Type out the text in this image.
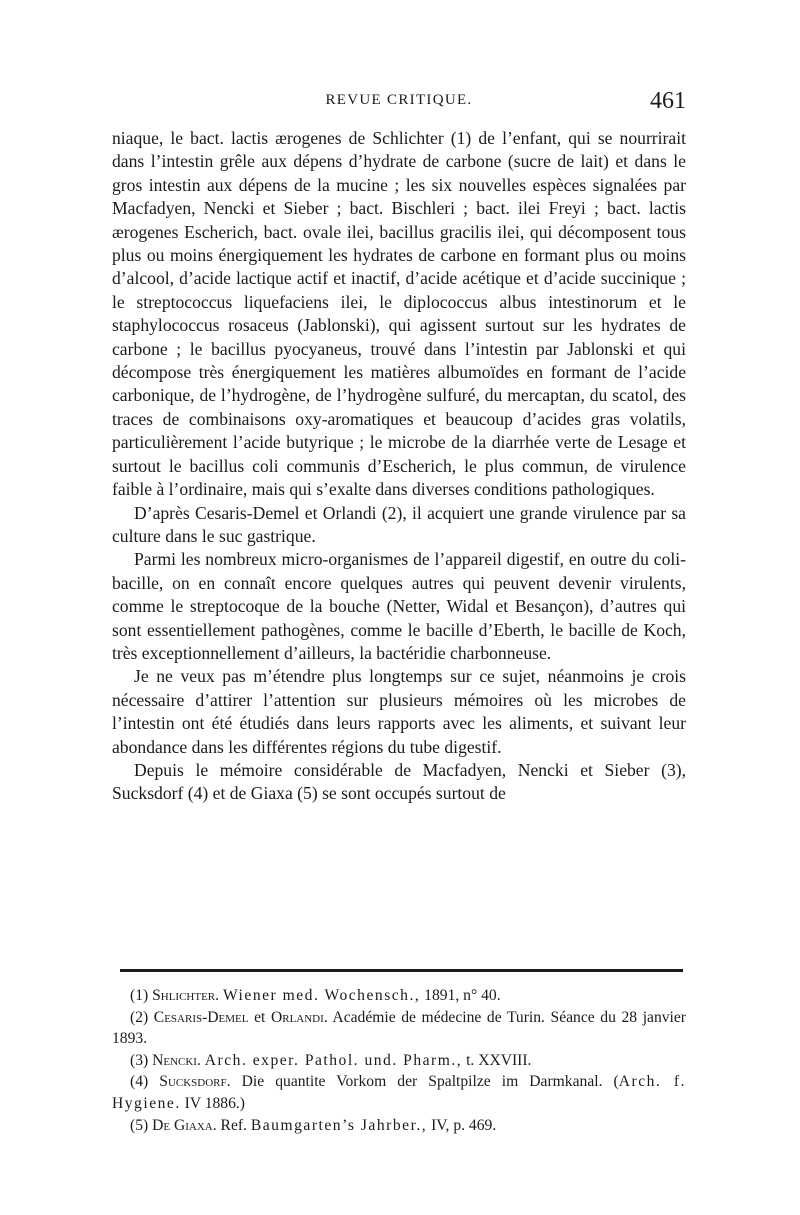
REVUE CRITIQUE.	461

niaque, le bact. lactis ærogenes de Schlichter (1) de l’enfant, qui se nourrirait dans l’intestin grêle aux dépens d’hydrate de carbone (sucre de lait) et dans le gros intestin aux dépens de la mucine ; les six nouvelles espèces signalées par Macfadyen, Nencki et Sieber ; bact. Bischleri ; bact. ilei Freyi ; bact. lactis ærogenes Escherich, bact. ovale ilei, bacillus gracilis ilei, qui décomposent tous plus ou moins énergiquement les hydrates de carbone en formant plus ou moins d’alcool, d’acide lactique actif et inactif, d’acide acétique et d’acide succinique ; le streptococcus liquefaciens ilei, le diplococcus albus intestinorum et le staphylococcus rosaceus (Jablonski), qui agissent surtout sur les hydrates de carbone ; le bacillus pyocyaneus, trouvé dans l’intestin par Jablonski et qui décompose très énergiquement les matières albumoïdes en formant de l’acide carbonique, de l’hydrogène, de l’hydrogène sulfuré, du mercaptan, du scatol, des traces de combinaisons oxy-aromatiques et beaucoup d’acides gras volatils, particulièrement l’acide butyrique ; le microbe de la diarrhée verte de Lesage et surtout le bacillus coli communis d’Escherich, le plus commun, de virulence faible à l’ordinaire, mais qui s’exalte dans diverses conditions pathologiques.

D’après Cesaris-Demel et Orlandi (2), il acquiert une grande virulence par sa culture dans le suc gastrique.

Parmi les nombreux micro-organismes de l’appareil digestif, en outre du coli-bacille, on en connaît encore quelques autres qui peuvent devenir virulents, comme le streptocoque de la bouche (Netter, Widal et Besançon), d’autres qui sont essentiellement pathogènes, comme le bacille d’Eberth, le bacille de Koch, très exceptionnellement d’ailleurs, la bactéridie charbonneuse.

Je ne veux pas m’étendre plus longtemps sur ce sujet, néanmoins je crois nécessaire d’attirer l’attention sur plusieurs mémoires où les microbes de l’intestin ont été étudiés dans leurs rapports avec les aliments, et suivant leur abondance dans les différentes régions du tube digestif.

Depuis le mémoire considérable de Macfadyen, Nencki et Sieber (3), Sucksdorf (4) et de Giaxa (5) se sont occupés surtout de

(1) Shlichter. Wiener med. Wochensch., 1891, n° 40.
(2) Cesaris-Demel et Orlandi. Académie de médecine de Turin. Séance du 28 janvier 1893.
(3) Nencki. Arch. exper. Pathol. und. Pharm., t. XXVIII.
(4) Sucksdorf. Die quantite Vorkom der Spaltpilze im Darmkanal. (Arch. f. Hygiene. IV 1886.)
(5) De Giaxa. Ref. Baumgarten’s Jahrber., IV, p. 469.
